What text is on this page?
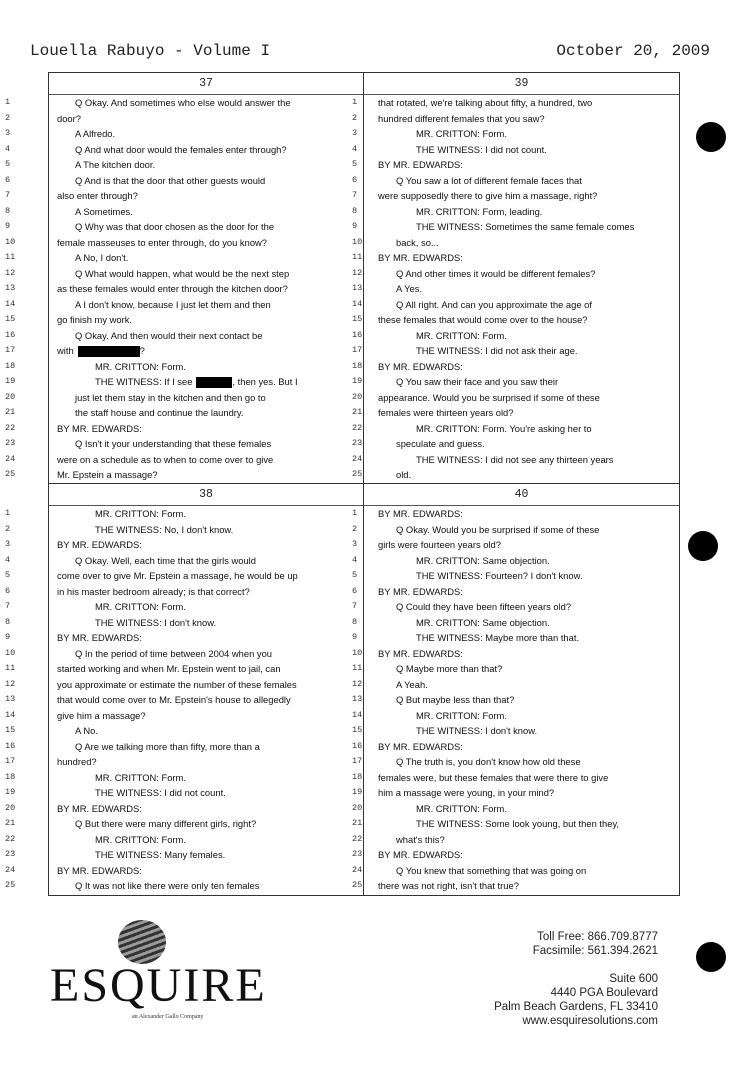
Louella Rabuyo - Volume I	October 20, 2009
37
1	Q Okay. And sometimes who else would answer the
2	door?
3	A Alfredo.
4	Q And what door would the females enter through?
5	A The kitchen door.
6	Q And is that the door that other guests would
7	also enter through?
8	A Sometimes.
9	Q Why was that door chosen as the door for the
10	female masseuses to enter through, do you know?
11	A No, I don't.
12	Q What would happen, what would be the next step
13	as these females would enter through the kitchen door?
14	A I don't know, because I just let them and then
15	go finish my work.
16	Q Okay. And then would their next contact be
17	with	?
18	MR. CRITTON: Form.
19	THE WITNESS: If I see	, then yes. But I
20	just let them stay in the kitchen and then go to
21	the staff house and continue the laundry.
22	BY MR. EDWARDS:
23	Q Isn't it your understanding that these females
24	were on a schedule as to when to come over to give
25	Mr. Epstein a massage?
39
1	that rotated, we're talking about fifty, a hundred, two
2	hundred different females that you saw?
3	MR. CRITTON: Form.
4	THE WITNESS: I did not count.
5	BY MR. EDWARDS:
6	Q You saw a lot of different female faces that
7	were supposedly there to give him a massage, right?
8	MR. CRITTON: Form, leading.
9	THE WITNESS: Sometimes the same female comes
10	back, so...
11	BY MR. EDWARDS:
12	Q And other times it would be different females?
13	A Yes.
14	Q All right. And can you approximate the age of
15	these females that would come over to the house?
16	MR. CRITTON: Form.
17	THE WITNESS: I did not ask their age.
18	BY MR. EDWARDS:
19	Q You saw their face and you saw their
20	appearance. Would you be surprised if some of these
21	females were thirteen years old?
22	MR. CRITTON: Form. You're asking her to
23	speculate and guess.
24	THE WITNESS: I did not see any thirteen years
25	old.
38
1	MR. CRITTON: Form.
2	THE WITNESS: No, I don't know.
3	BY MR. EDWARDS:
4	Q Okay. Well, each time that the girls would
5	come over to give Mr. Epstein a massage, he would be up
6	in his master bedroom already; is that correct?
7	MR. CRITTON: Form.
8	THE WITNESS: I don't know.
9	BY MR. EDWARDS:
10	Q In the period of time between 2004 when you
11	started working and when Mr. Epstein went to jail, can
12	you approximate or estimate the number of these females
13	that would come over to Mr. Epstein's house to allegedly
14	give him a massage?
15	A No.
16	Q Are we talking more than fifty, more than a
17	hundred?
18	MR. CRITTON: Form.
19	THE WITNESS: I did not count.
20	BY MR. EDWARDS:
21	Q But there were many different girls, right?
22	MR. CRITTON: Form.
23	THE WITNESS: Many females.
24	BY MR. EDWARDS:
25	Q It was not like there were only ten females
40
1	BY MR. EDWARDS:
2	Q Okay. Would you be surprised if some of these
3	girls were fourteen years old?
4	MR. CRITTON: Same objection.
5	THE WITNESS: Fourteen? I don't know.
6	BY MR. EDWARDS:
7	Q Could they have been fifteen years old?
8	MR. CRITTON: Same objection.
9	THE WITNESS: Maybe more than that.
10	BY MR. EDWARDS:
11	Q Maybe more than that?
12	A Yeah.
13	Q But maybe less than that?
14	MR. CRITTON: Form.
15	THE WITNESS: I don't know.
16	BY MR. EDWARDS:
17	Q The truth is, you don't know how old these
18	females were, but these females that were there to give
19	him a massage were young, in your mind?
20	MR. CRITTON: Form.
21	THE WITNESS: Some look young, but then they,
22	what's this?
23	BY MR. EDWARDS:
24	Q You knew that something that was going on
25	there was not right, isn't that true?
ESQUIRE
an Alexander Gallo Company
Toll Free: 866.709.8777
Facsimile: 561.394.2621
Suite 600
4440 PGA Boulevard
Palm Beach Gardens, FL 33410
www.esquiresolutions.com
